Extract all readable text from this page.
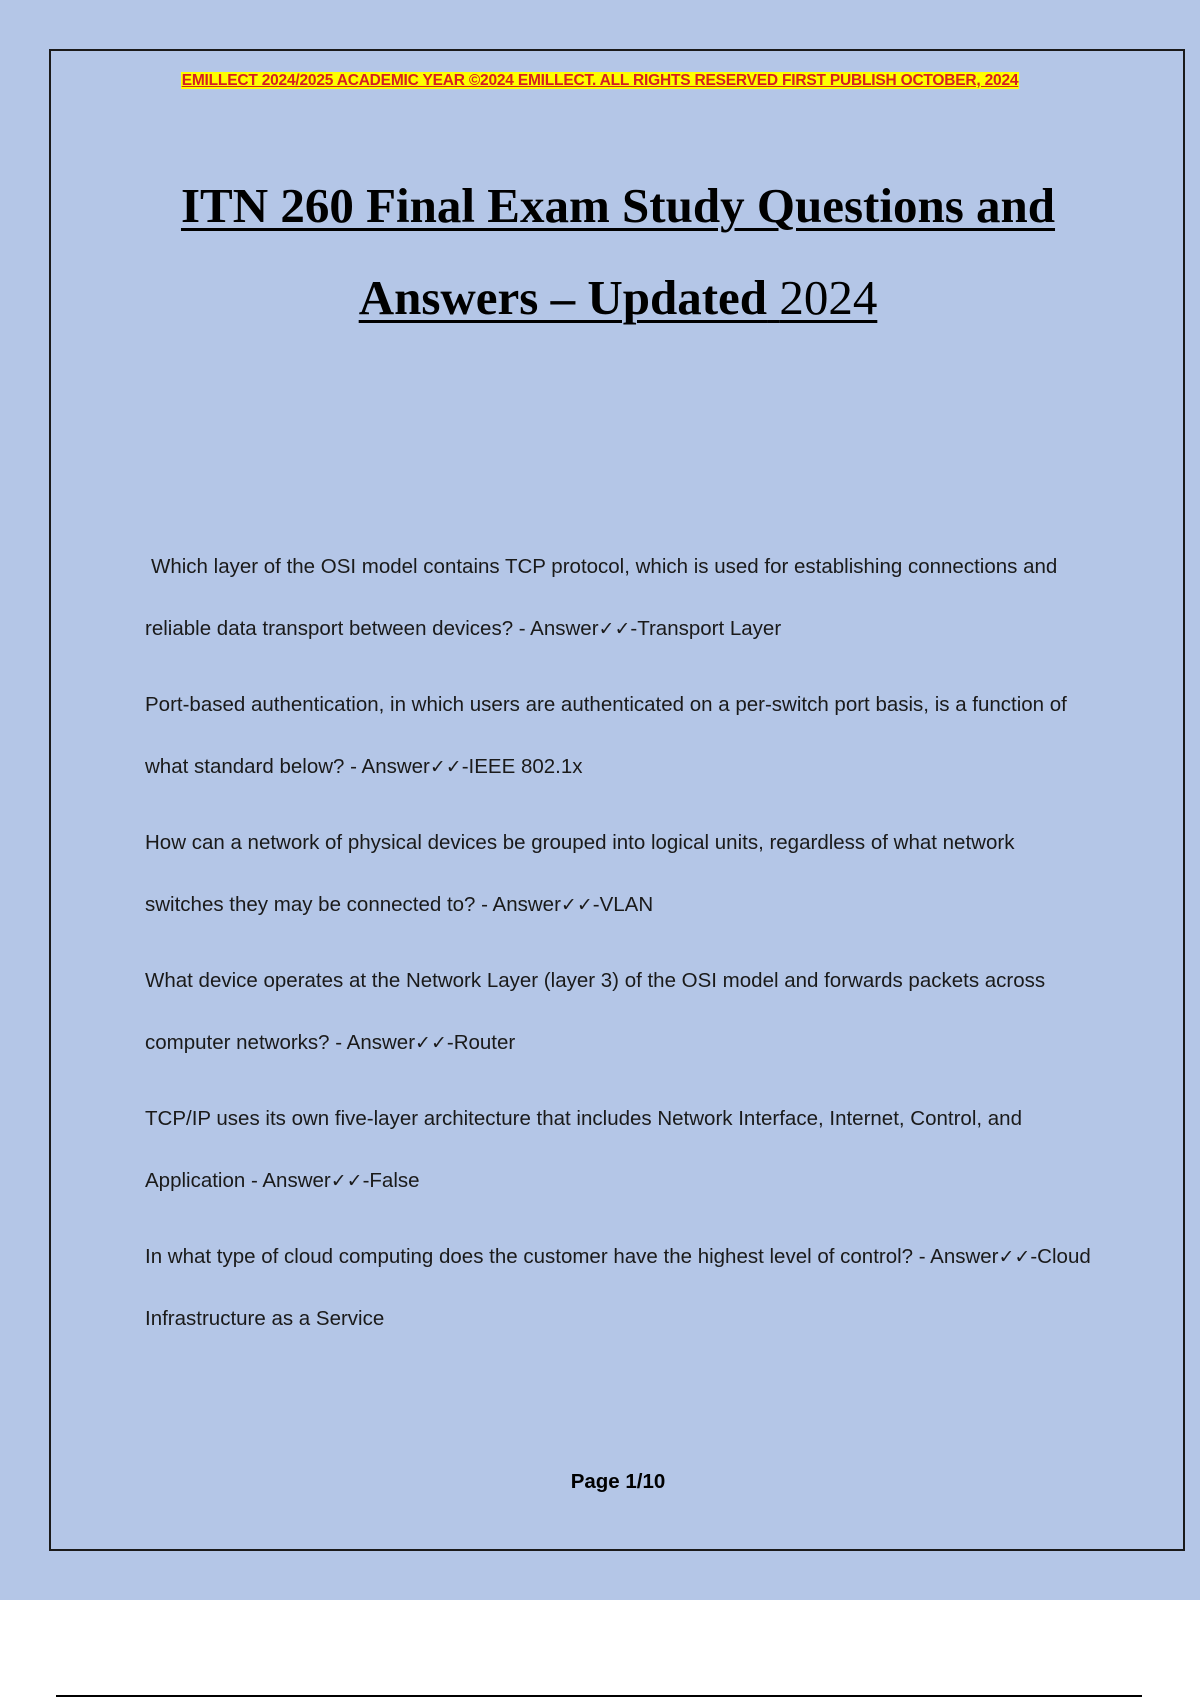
EMILLECT 2024/2025 ACADEMIC YEAR ©2024 EMILLECT. ALL RIGHTS RESERVED FIRST PUBLISH OCTOBER, 2024
ITN 260 Final Exam Study Questions and
Answers – Updated 2024
Which layer of the OSI model contains TCP protocol, which is used for establishing connections and reliable data transport between devices? - Answer✓✓-Transport Layer
Port-based authentication, in which users are authenticated on a per-switch port basis, is a function of what standard below? - Answer✓✓-IEEE 802.1x
How can a network of physical devices be grouped into logical units, regardless of what network switches they may be connected to? - Answer✓✓-VLAN
What device operates at the Network Layer (layer 3) of the OSI model and forwards packets across computer networks? - Answer✓✓-Router
TCP/IP uses its own five-layer architecture that includes Network Interface, Internet, Control, and Application - Answer✓✓-False
In what type of cloud computing does the customer have the highest level of control? - Answer✓✓-Cloud Infrastructure as a Service
Page 1/10
